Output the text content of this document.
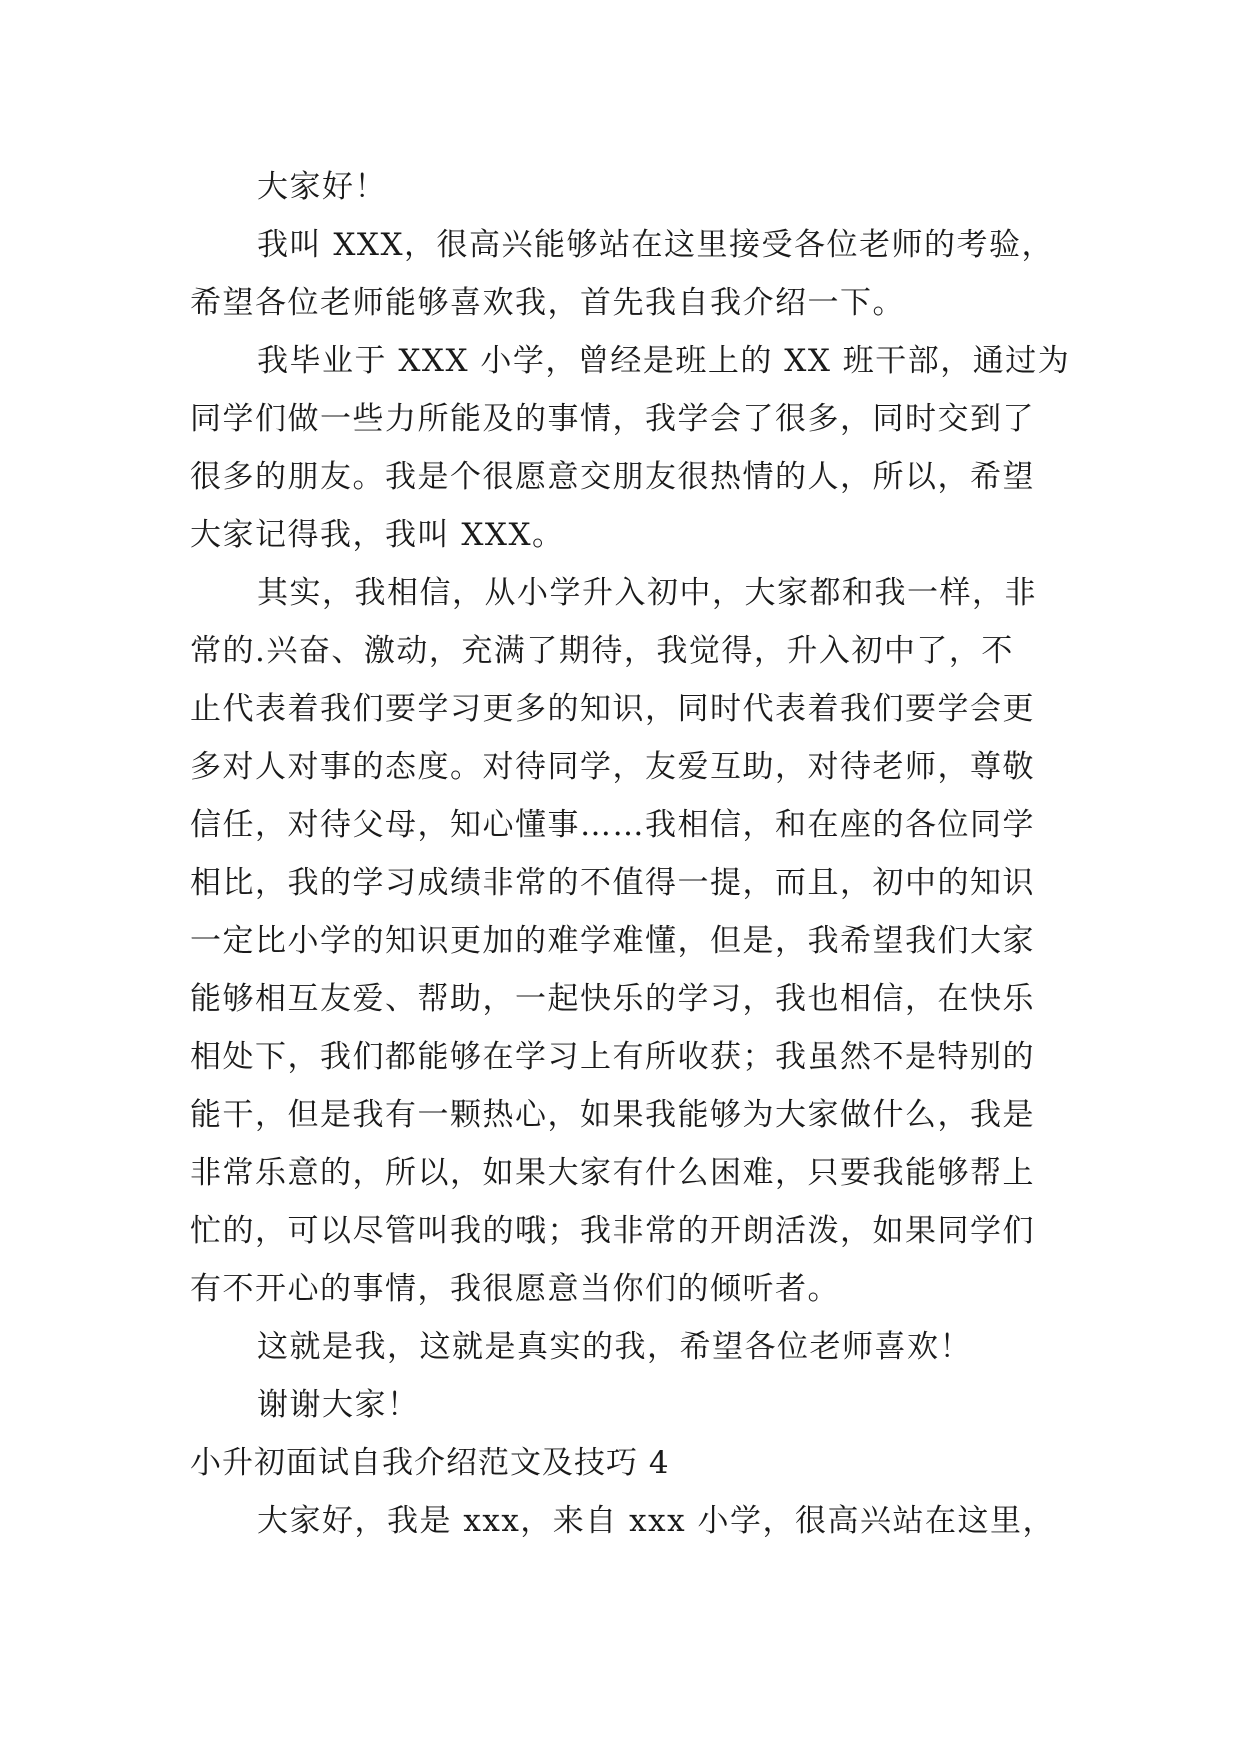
大家好！
我叫 XXX，很高兴能够站在这里接受各位老师的考验，
希望各位老师能够喜欢我，首先我自我介绍一下。
我毕业于 XXX 小学，曾经是班上的 XX 班干部，通过为
同学们做一些力所能及的事情，我学会了很多，同时交到了
很多的朋友。我是个很愿意交朋友很热情的人，所以，希望
大家记得我，我叫 XXX。
其实，我相信，从小学升入初中，大家都和我一样，非
常的.兴奋、激动，充满了期待，我觉得，升入初中了，不
止代表着我们要学习更多的知识，同时代表着我们要学会更
多对人对事的态度。对待同学，友爱互助，对待老师，尊敬
信任，对待父母，知心懂事……我相信，和在座的各位同学
相比，我的学习成绩非常的不值得一提，而且，初中的知识
一定比小学的知识更加的难学难懂，但是，我希望我们大家
能够相互友爱、帮助，一起快乐的学习，我也相信，在快乐
相处下，我们都能够在学习上有所收获；我虽然不是特别的
能干，但是我有一颗热心，如果我能够为大家做什么，我是
非常乐意的，所以，如果大家有什么困难，只要我能够帮上
忙的，可以尽管叫我的哦；我非常的开朗活泼，如果同学们
有不开心的事情，我很愿意当你们的倾听者。
这就是我，这就是真实的我，希望各位老师喜欢！
谢谢大家！
小升初面试自我介绍范文及技巧 4
大家好，我是 xxx，来自 xxx 小学，很高兴站在这里，
